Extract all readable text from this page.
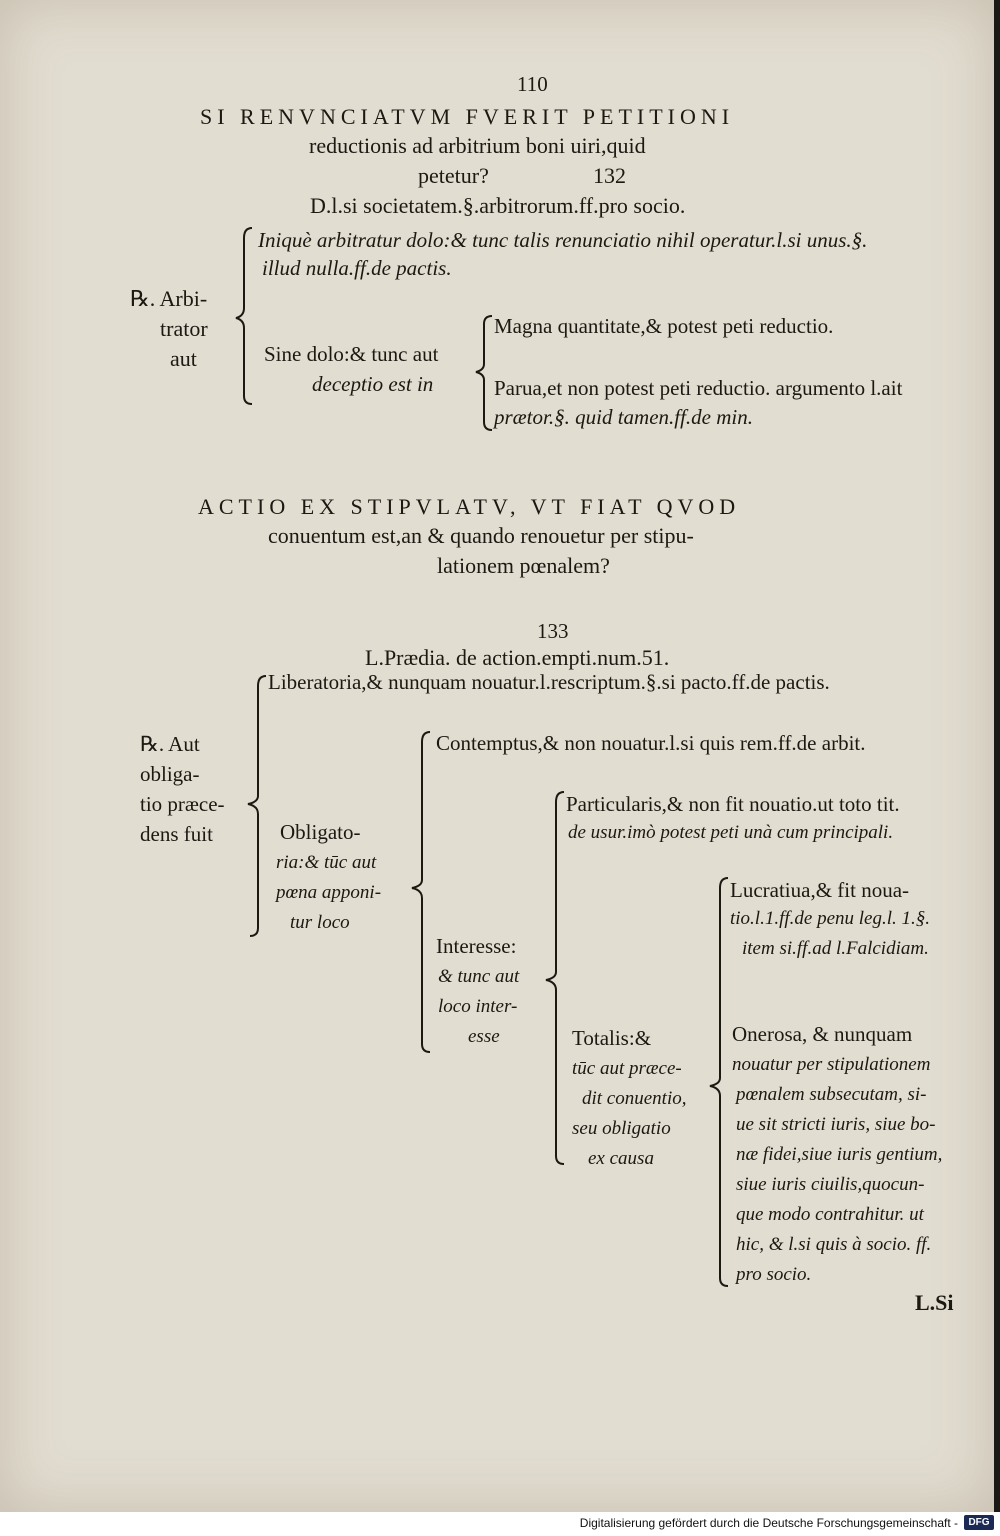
110
SI RENVNCIATVM FVERIT PETITIONI
reductionis ad arbitrium boni uiri,quid
petetur?	132
D.l.si societatem.§.arbitrorum.ff.pro socio.
℞. Arbi-
trator
aut
Iniquè arbitratur dolo:& tunc talis renunciatio nihil operatur.l.si unus.§.
illud nulla.ff.de pactis.
Sine dolo:& tunc aut
deceptio est in
Magna quantitate,& potest peti reductio.
Parua,et non potest peti reductio. argumento l.ait
prætor.§. quid tamen.ff.de min.
ACTIO EX STIPVLATV, VT FIAT QVOD
conuentum est,an & quando renouetur per stipu-
lationem pœnalem?
133
L.Prædia. de action.empti.num.51.
℞. Aut
obliga-
tio præce-
dens fuit
Liberatoria,& nunquam nouatur.l.rescriptum.§.si pacto.ff.de pactis.
Obligato-
ria:& tūc aut
pœna apponi-
tur loco
Contemptus,& non nouatur.l.si quis rem.ff.de arbit.
Interesse:
& tunc aut
loco inter-
esse
Particularis,& non fit nouatio.ut toto tit.
de usur.imò potest peti unà cum principali.
Totalis:&
tūc aut præce-
dit conuentio,
seu obligatio
ex causa
Lucratiua,& fit noua-
tio.l.1.ff.de penu leg.l. 1.§.
item si.ff.ad l.Falcidiam.
Onerosa, & nunquam
nouatur per stipulationem
pœnalem subsecutam, si-
ue sit stricti iuris, siue bo-
næ fidei,siue iuris gentium,
siue iuris ciuilis,quocun-
que modo contrahitur. ut
hic, & l.si quis à socio. ff.
pro socio.
L.Si
Digitalisierung gefördert durch die Deutsche Forschungsgemeinschaft -	DFG
